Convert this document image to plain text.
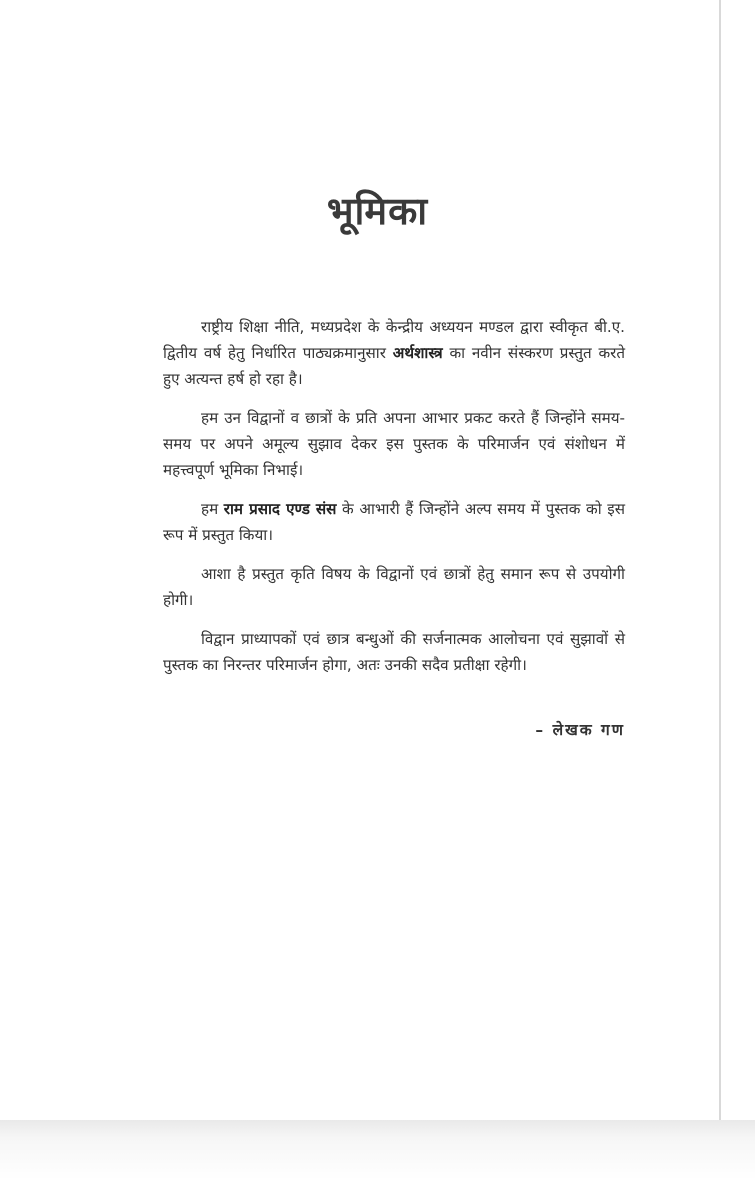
भूमिका

राष्ट्रीय शिक्षा नीति, मध्यप्रदेश के केन्द्रीय अध्ययन मण्डल द्वारा स्वीकृत बी.ए. द्वितीय वर्ष हेतु निर्धारित पाठ्यक्रमानुसार अर्थशास्त्र का नवीन संस्करण प्रस्तुत करते हुए अत्यन्त हर्ष हो रहा है।

हम उन विद्वानों व छात्रों के प्रति अपना आभार प्रकट करते हैं जिन्होंने समय-समय पर अपने अमूल्य सुझाव देकर इस पुस्तक के परिमार्जन एवं संशोधन में महत्त्वपूर्ण भूमिका निभाई।

हम राम प्रसाद एण्ड संस के आभारी हैं जिन्होंने अल्प समय में पुस्तक को इस रूप में प्रस्तुत किया।

आशा है प्रस्तुत कृति विषय के विद्वानों एवं छात्रों हेतु समान रूप से उपयोगी होगी।

विद्वान प्राध्यापकों एवं छात्र बन्धुओं की सर्जनात्मक आलोचना एवं सुझावों से पुस्तक का निरन्तर परिमार्जन होगा, अतः उनकी सदैव प्रतीक्षा रहेगी।

– लेखक गण
